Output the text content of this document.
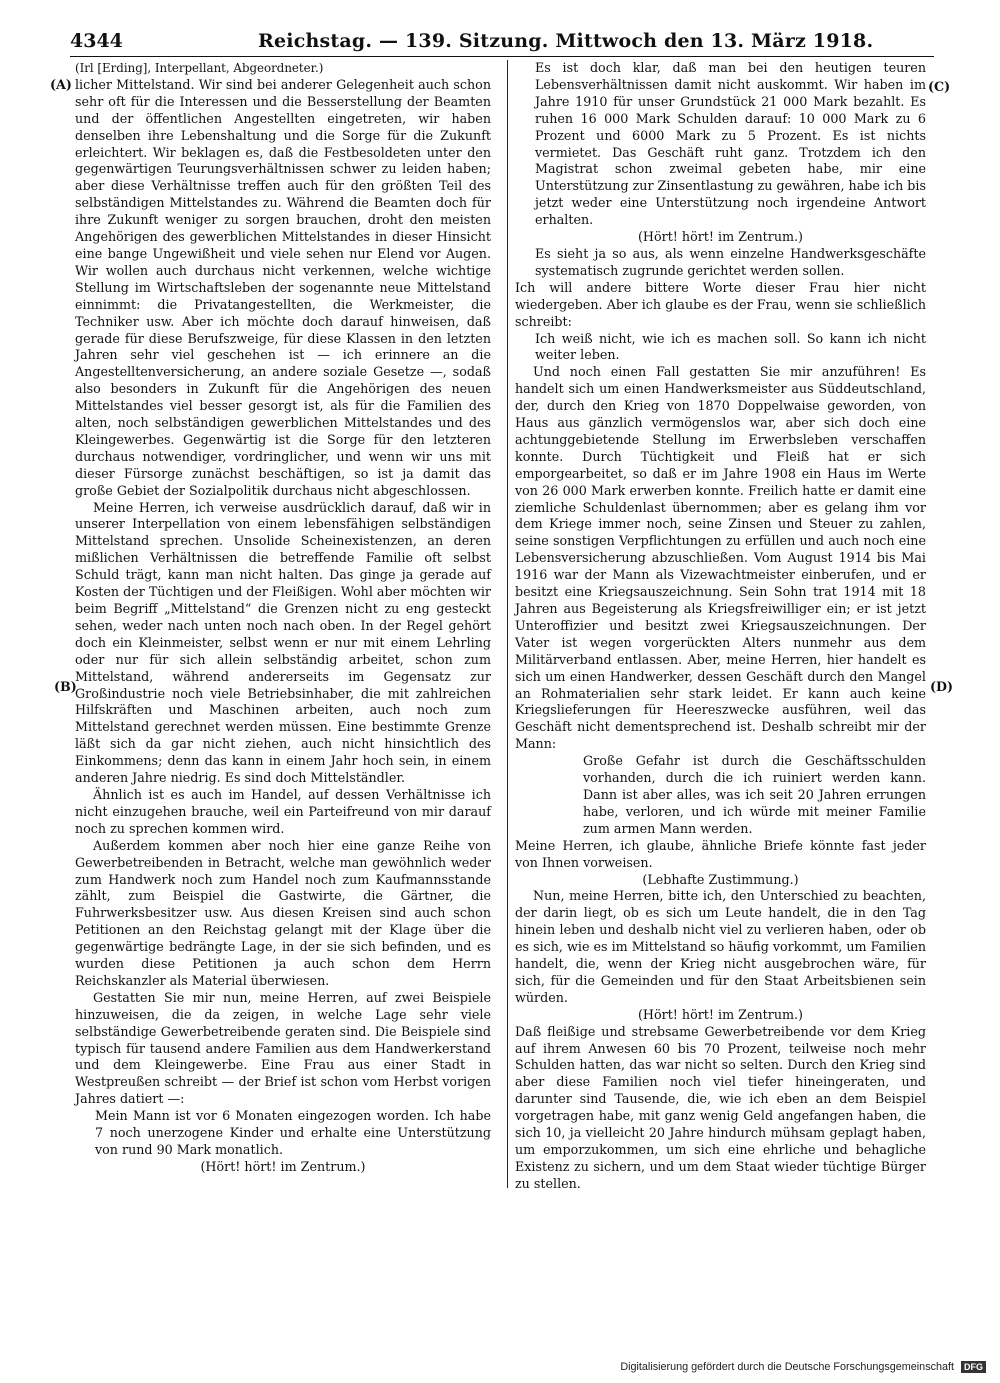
4344	Reichstag. — 139. Sitzung. Mittwoch den 13. März 1918.
(A)
(B)
(C)
(D)

(Irl [Erding], Interpellant, Abgeordneter.)

licher Mittelstand. Wir sind bei anderer Gelegenheit auch schon sehr oft für die Interessen und die Besserstellung der Beamten und der öffentlichen Angestellten eingetreten, wir haben denselben ihre Lebenshaltung und die Sorge für die Zukunft erleichtert. Wir beklagen es, daß die Festbesoldeten unter den gegenwärtigen Teurungsverhältnissen schwer zu leiden haben; aber diese Verhältnisse treffen auch für den größten Teil des selbständigen Mittelstandes zu. Während die Beamten doch für ihre Zukunft weniger zu sorgen brauchen, droht den meisten Angehörigen des gewerblichen Mittelstandes in dieser Hinsicht eine bange Ungewißheit und viele sehen nur Elend vor Augen. Wir wollen auch durchaus nicht verkennen, welche wichtige Stellung im Wirtschaftsleben der sogenannte neue Mittelstand einnimmt: die Privatangestellten, die Werkmeister, die Techniker usw. Aber ich möchte doch darauf hinweisen, daß gerade für diese Berufszweige, für diese Klassen in den letzten Jahren sehr viel geschehen ist — ich erinnere an die Angestelltenversicherung, an andere soziale Gesetze —, sodaß also besonders in Zukunft für die Angehörigen des neuen Mittelstandes viel besser gesorgt ist, als für die Familien des alten, noch selbständigen gewerblichen Mittelstandes und des Kleingewerbes. Gegenwärtig ist die Sorge für den letzteren durchaus notwendiger, vordringlicher, und wenn wir uns mit dieser Fürsorge zunächst beschäftigen, so ist ja damit das große Gebiet der Sozialpolitik durchaus nicht abgeschlossen.

Meine Herren, ich verweise ausdrücklich darauf, daß wir in unserer Interpellation von einem lebensfähigen selbständigen Mittelstand sprechen. Unsolide Scheinexistenzen, an deren mißlichen Verhältnissen die betreffende Familie oft selbst Schuld trägt, kann man nicht halten. Das ginge ja gerade auf Kosten der Tüchtigen und der Fleißigen. Wohl aber möchten wir beim Begriff „Mittelstand“ die Grenzen nicht zu eng gesteckt sehen, weder nach unten noch nach oben. In der Regel gehört doch ein Kleinmeister, selbst wenn er nur mit einem Lehrling oder nur für sich allein selbständig arbeitet, schon zum Mittelstand, während andererseits im Gegensatz zur Großindustrie noch viele Betriebsinhaber, die mit zahlreichen Hilfskräften und Maschinen arbeiten, auch noch zum Mittelstand gerechnet werden müssen. Eine bestimmte Grenze läßt sich da gar nicht ziehen, auch nicht hinsichtlich des Einkommens; denn das kann in einem Jahr hoch sein, in einem anderen Jahre niedrig. Es sind doch Mittelständler.

Ähnlich ist es auch im Handel, auf dessen Verhältnisse ich nicht einzugehen brauche, weil ein Parteifreund von mir darauf noch zu sprechen kommen wird.

Außerdem kommen aber noch hier eine ganze Reihe von Gewerbetreibenden in Betracht, welche man gewöhnlich weder zum Handwerk noch zum Handel noch zum Kaufmannsstande zählt, zum Beispiel die Gastwirte, die Gärtner, die Fuhrwerksbesitzer usw. Aus diesen Kreisen sind auch schon Petitionen an den Reichstag gelangt mit der Klage über die gegenwärtige bedrängte Lage, in der sie sich befinden, und es wurden diese Petitionen ja auch schon dem Herrn Reichskanzler als Material überwiesen.

Gestatten Sie mir nun, meine Herren, auf zwei Beispiele hinzuweisen, die da zeigen, in welche Lage sehr viele selbständige Gewerbetreibende geraten sind. Die Beispiele sind typisch für tausend andere Familien aus dem Handwerkerstand und dem Kleingewerbe. Eine Frau aus einer Stadt in Westpreußen schreibt — der Brief ist schon vom Herbst vorigen Jahres datiert —:

Mein Mann ist vor 6 Monaten eingezogen worden. Ich habe 7 noch unerzogene Kinder und erhalte eine Unterstützung von rund 90 Mark monatlich.

(Hört! hört! im Zentrum.)

Es ist doch klar, daß man bei den heutigen teuren Lebensverhältnissen damit nicht auskommt. Wir haben im Jahre 1910 für unser Grundstück 21 000 Mark bezahlt. Es ruhen 16 000 Mark Schulden darauf: 10 000 Mark zu 6 Prozent und 6000 Mark zu 5 Prozent. Es ist nichts vermietet. Das Geschäft ruht ganz. Trotzdem ich den Magistrat schon zweimal gebeten habe, mir eine Unterstützung zur Zinsentlastung zu gewähren, habe ich bis jetzt weder eine Unterstützung noch irgendeine Antwort erhalten.

(Hört! hört! im Zentrum.)

Es sieht ja so aus, als wenn einzelne Handwerksgeschäfte systematisch zugrunde gerichtet werden sollen.

Ich will andere bittere Worte dieser Frau hier nicht wiedergeben. Aber ich glaube es der Frau, wenn sie schließlich schreibt:

Ich weiß nicht, wie ich es machen soll. So kann ich nicht weiter leben.

Und noch einen Fall gestatten Sie mir anzuführen! Es handelt sich um einen Handwerksmeister aus Süddeutschland, der, durch den Krieg von 1870 Doppelwaise geworden, von Haus aus gänzlich vermögenslos war, aber sich doch eine achtunggebietende Stellung im Erwerbsleben verschaffen konnte. Durch Tüchtigkeit und Fleiß hat er sich emporgearbeitet, so daß er im Jahre 1908 ein Haus im Werte von 26 000 Mark erwerben konnte. Freilich hatte er damit eine ziemliche Schuldenlast übernommen; aber es gelang ihm vor dem Kriege immer noch, seine Zinsen und Steuer zu zahlen, seine sonstigen Verpflichtungen zu erfüllen und auch noch eine Lebensversicherung abzuschließen. Vom August 1914 bis Mai 1916 war der Mann als Vizewachtmeister einberufen, und er besitzt eine Kriegsauszeichnung. Sein Sohn trat 1914 mit 18 Jahren aus Begeisterung als Kriegsfreiwilliger ein; er ist jetzt Unteroffizier und besitzt zwei Kriegsauszeichnungen. Der Vater ist wegen vorgerückten Alters nunmehr aus dem Militärverband entlassen. Aber, meine Herren, hier handelt es sich um einen Handwerker, dessen Geschäft durch den Mangel an Rohmaterialien sehr stark leidet. Er kann auch keine Kriegslieferungen für Heereszwecke ausführen, weil das Geschäft nicht dementsprechend ist. Deshalb schreibt mir der Mann:

Große Gefahr ist durch die Geschäftsschulden vorhanden, durch die ich ruiniert werden kann. Dann ist aber alles, was ich seit 20 Jahren errungen habe, verloren, und ich würde mit meiner Familie zum armen Mann werden.

Meine Herren, ich glaube, ähnliche Briefe könnte fast jeder von Ihnen vorweisen.

(Lebhafte Zustimmung.)

Nun, meine Herren, bitte ich, den Unterschied zu beachten, der darin liegt, ob es sich um Leute handelt, die in den Tag hinein leben und deshalb nicht viel zu verlieren haben, oder ob es sich, wie es im Mittelstand so häufig vorkommt, um Familien handelt, die, wenn der Krieg nicht ausgebrochen wäre, für sich, für die Gemeinden und für den Staat Arbeitsbienen sein würden.

(Hört! hört! im Zentrum.)

Daß fleißige und strebsame Gewerbetreibende vor dem Krieg auf ihrem Anwesen 60 bis 70 Prozent, teilweise noch mehr Schulden hatten, das war nicht so selten. Durch den Krieg sind aber diese Familien noch viel tiefer hineingeraten, und darunter sind Tausende, die, wie ich eben an dem Beispiel vorgetragen habe, mit ganz wenig Geld angefangen haben, die sich 10, ja vielleicht 20 Jahre hindurch mühsam geplagt haben, um emporzukommen, um sich eine ehrliche und behagliche Existenz zu sichern, und um dem Staat wieder tüchtige Bürger zu stellen.

Digitalisierung gefördert durch die Deutsche Forschungsgemeinschaft DFG
